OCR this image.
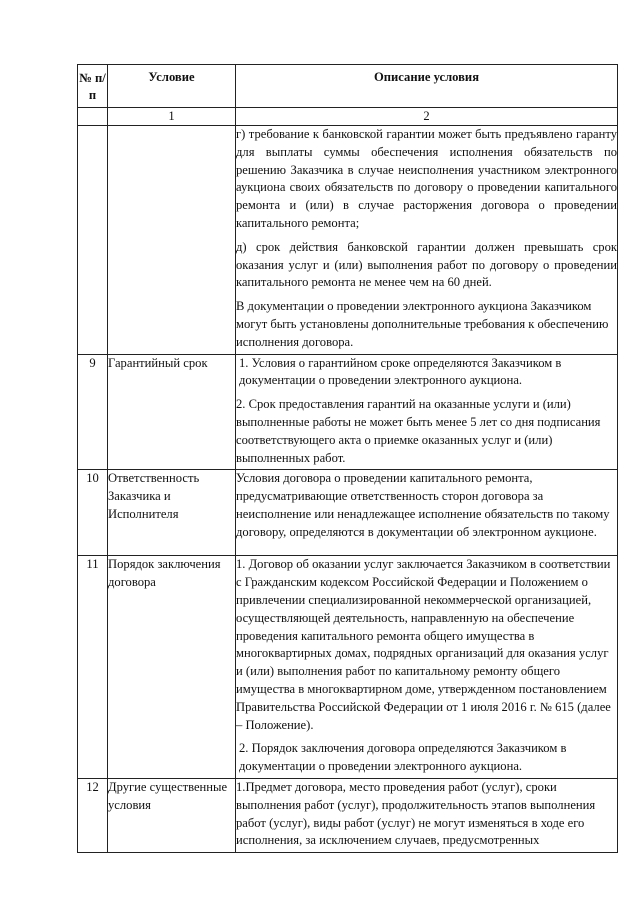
№ п/п	Условие	Описание условия

	1	2

		г) требование к банковской гарантии может быть предъявлено гаранту для выплаты суммы обеспечения исполнения обязательств по решению Заказчика в случае неисполнения участником электронного аукциона своих обязательств по договору о проведении капитального ремонта и (или) в случае расторжения договора о проведении капитального ремонта;

д) срок действия банковской гарантии должен превышать срок оказания услуг и (или) выполнения работ по договору о проведении капитального ремонта не менее чем на 60 дней.

В документации о проведении электронного аукциона Заказчиком могут быть установлены дополнительные требования к обеспечению исполнения договора.

9	Гарантийный срок	1. Условия о гарантийном сроке определяются Заказчиком в документации о проведении электронного аукциона.

2. Срок предоставления гарантий на оказанные услуги и (или) выполненные работы не может быть менее 5 лет со дня подписания соответствующего акта о приемке оказанных услуг и (или) выполненных работ.

10	Ответственность Заказчика и Исполнителя	Условия договора о проведении капитального ремонта, предусматривающие ответственность сторон договора за неисполнение или ненадлежащее исполнение обязательств по такому договору, определяются в документации об электронном аукционе.

11	Порядок заключения договора	1. Договор об оказании услуг заключается Заказчиком в соответствии с Гражданским кодексом Российской Федерации и Положением о привлечении специализированной некоммерческой организацией, осуществляющей деятельность, направленную на обеспечение проведения капитального ремонта общего имущества в многоквартирных домах, подрядных организаций для оказания услуг и (или) выполнения работ по капитальному ремонту общего имущества в многоквартирном доме, утвержденном постановлением Правительства Российской Федерации от 1 июля 2016 г. № 615 (далее – Положение).

2. Порядок заключения договора определяются Заказчиком в документации о проведении электронного аукциона.

12	Другие существенные условия	1.Предмет договора, место проведения работ (услуг), сроки выполнения работ (услуг), продолжительность этапов выполнения работ (услуг), виды работ (услуг) не могут изменяться в ходе его исполнения, за исключением случаев, предусмотренных
